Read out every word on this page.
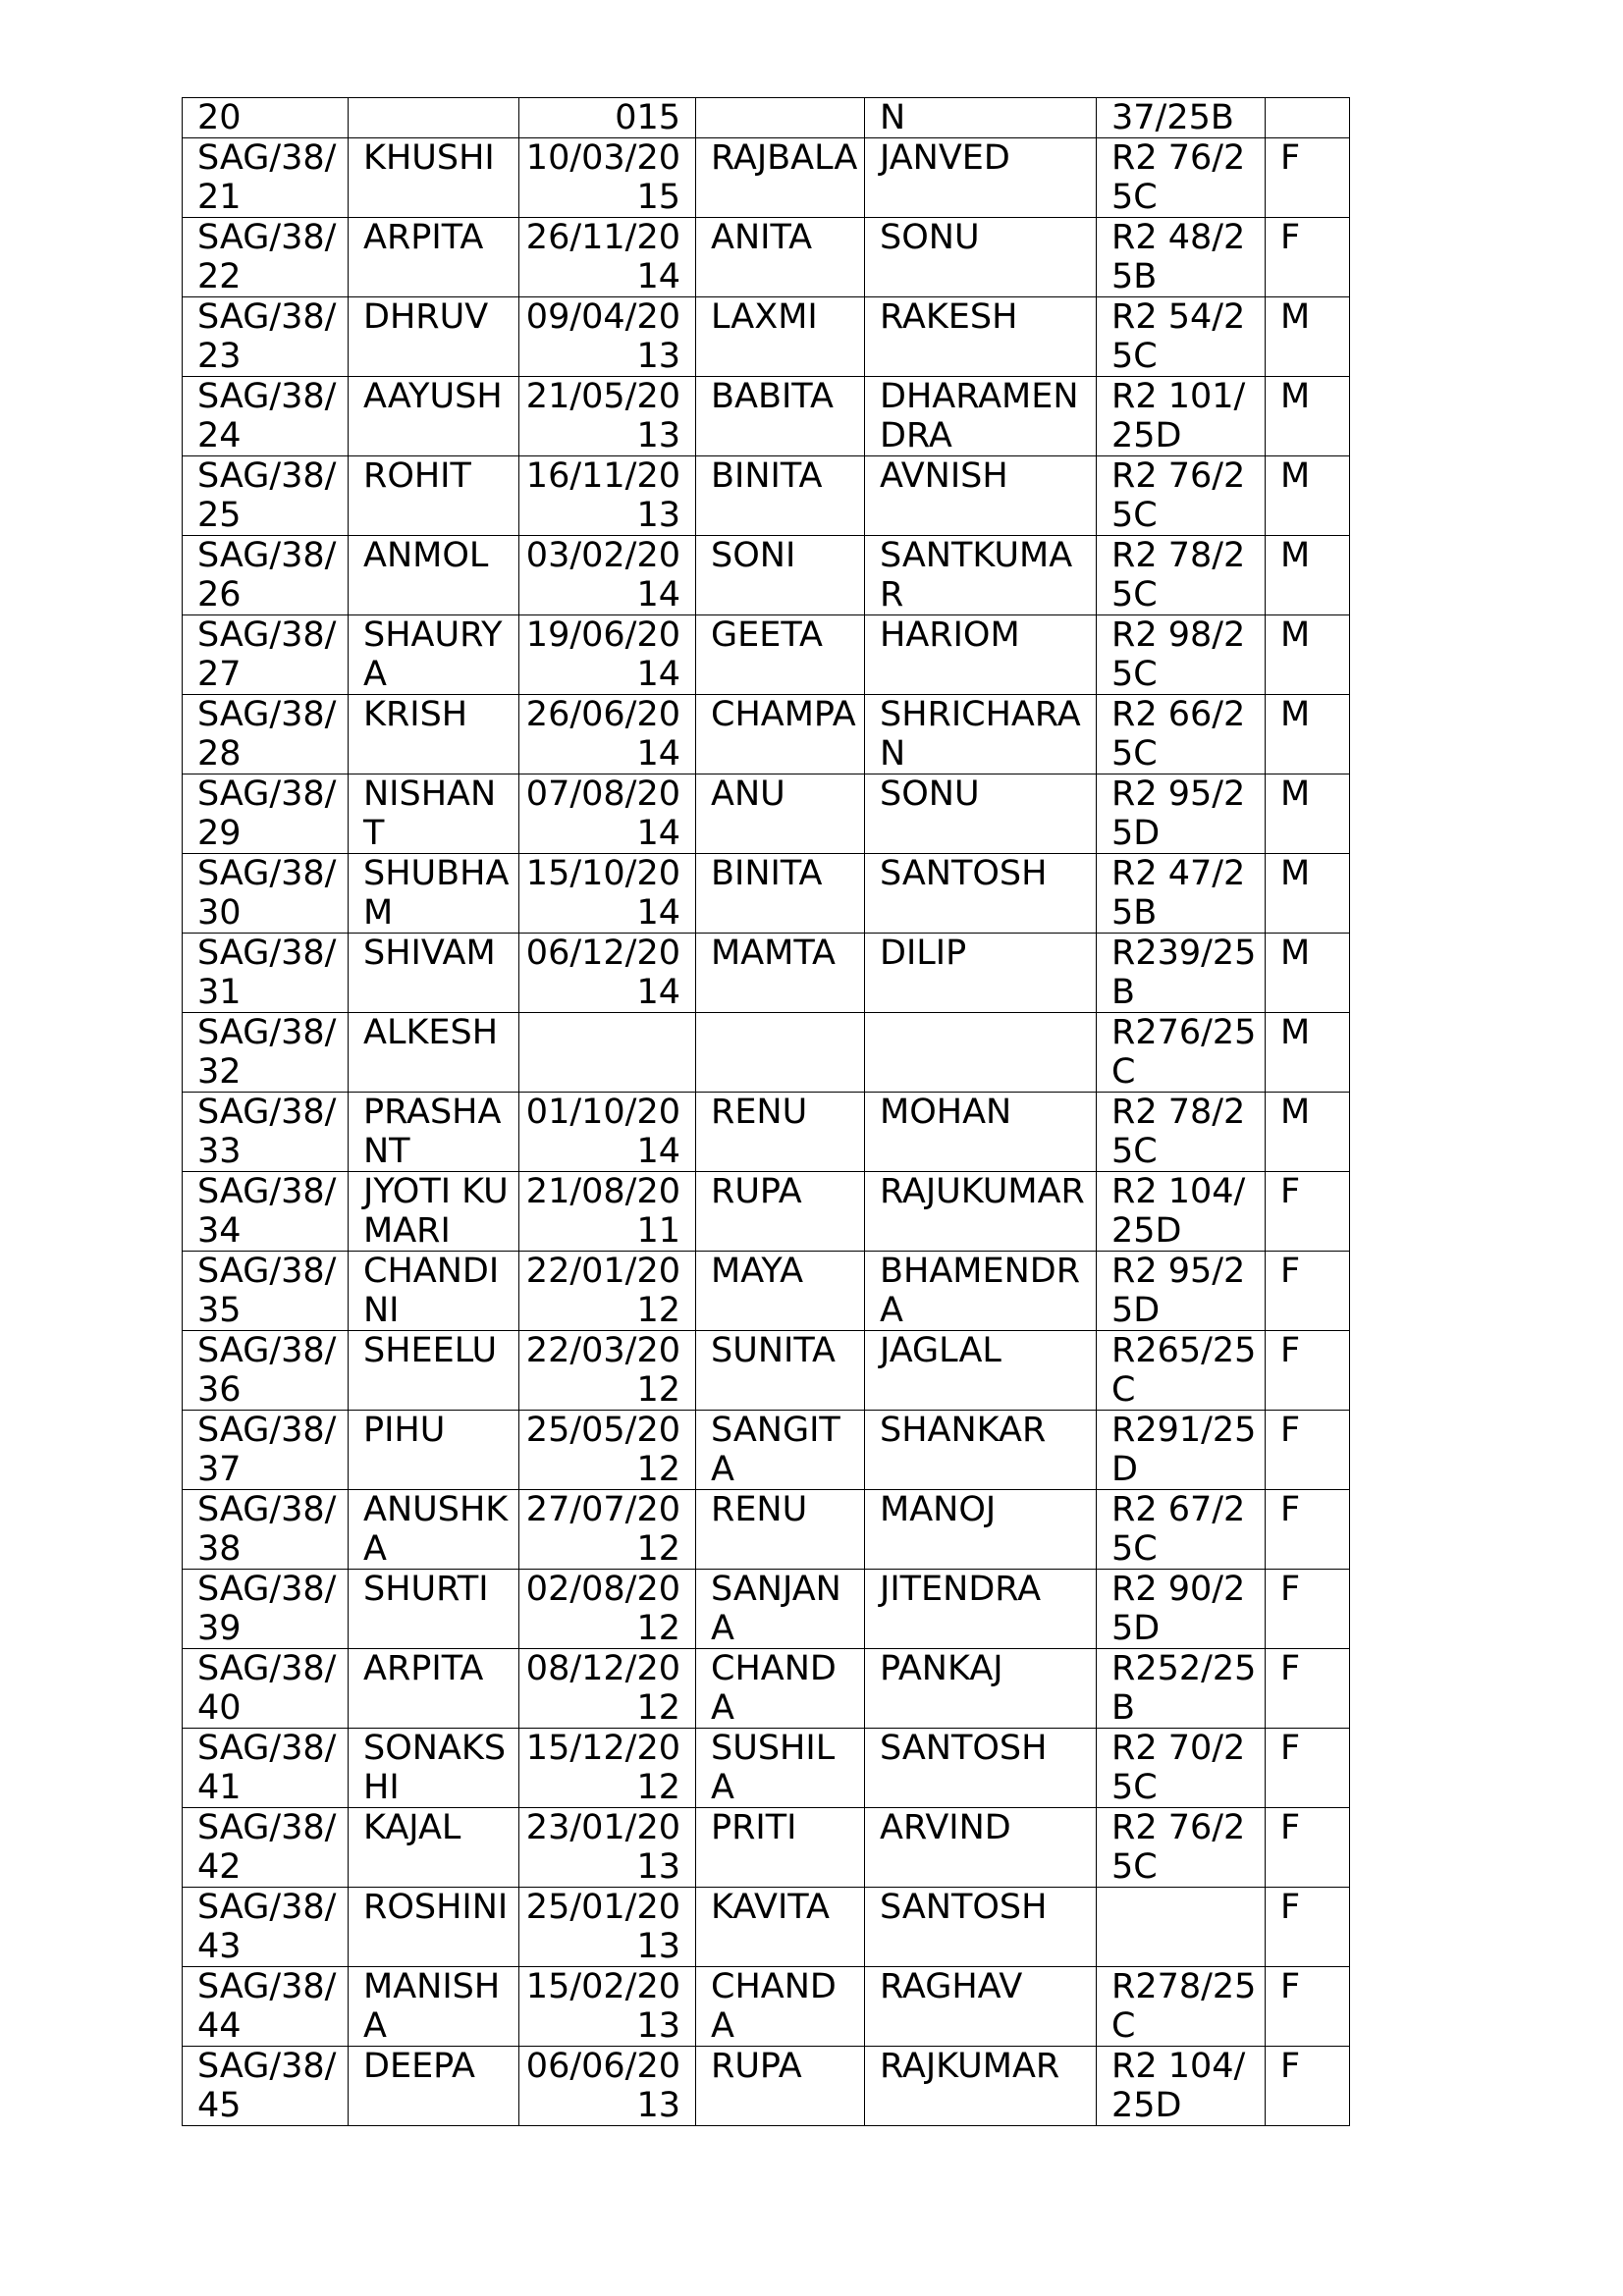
20		015		N	37/25B	
SAG/38/21	KHUSHI	10/03/2015	RAJBALA	JANVED	R2 76/25C	F
SAG/38/22	ARPITA	26/11/2014	ANITA	SONU	R2 48/25B	F
SAG/38/23	DHRUV	09/04/2013	LAXMI	RAKESH	R2 54/25C	M
SAG/38/24	AAYUSH	21/05/2013	BABITA	DHARAMENDRA	R2 101/25D	M
SAG/38/25	ROHIT	16/11/2013	BINITA	AVNISH	R2 76/25C	M
SAG/38/26	ANMOL	03/02/2014	SONI	SANTKUMAR	R2 78/25C	M
SAG/38/27	SHAURYA	19/06/2014	GEETA	HARIOM	R2 98/25C	M
SAG/38/28	KRISH	26/06/2014	CHAMPA	SHRICHARAN	R2 66/25C	M
SAG/38/29	NISHANT	07/08/2014	ANU	SONU	R2 95/25D	M
SAG/38/30	SHUBHAM	15/10/2014	BINITA	SANTOSH	R2 47/25B	M
SAG/38/31	SHIVAM	06/12/2014	MAMTA	DILIP	R239/25B	M
SAG/38/32	ALKESH				R276/25C	M
SAG/38/33	PRASHANT	01/10/2014	RENU	MOHAN	R2 78/25C	M
SAG/38/34	JYOTI KUMARI	21/08/2011	RUPA	RAJUKUMAR	R2 104/25D	F
SAG/38/35	CHANDINI	22/01/2012	MAYA	BHAMENDRA	R2 95/25D	F
SAG/38/36	SHEELU	22/03/2012	SUNITA	JAGLAL	R265/25C	F
SAG/38/37	PIHU	25/05/2012	SANGITA	SHANKAR	R291/25D	F
SAG/38/38	ANUSHKA	27/07/2012	RENU	MANOJ	R2 67/25C	F
SAG/38/39	SHURTI	02/08/2012	SANJANA	JITENDRA	R2 90/25D	F
SAG/38/40	ARPITA	08/12/2012	CHANDA	PANKAJ	R252/25B	F
SAG/38/41	SONAKSHI	15/12/2012	SUSHILA	SANTOSH	R2 70/25C	F
SAG/38/42	KAJAL	23/01/2013	PRITI	ARVIND	R2 76/25C	F
SAG/38/43	ROSHINI	25/01/2013	KAVITA	SANTOSH		F
SAG/38/44	MANISHA	15/02/2013	CHANDA	RAGHAV	R278/25C	F
SAG/38/45	DEEPA	06/06/2013	RUPA	RAJKUMAR	R2 104/25D	F
